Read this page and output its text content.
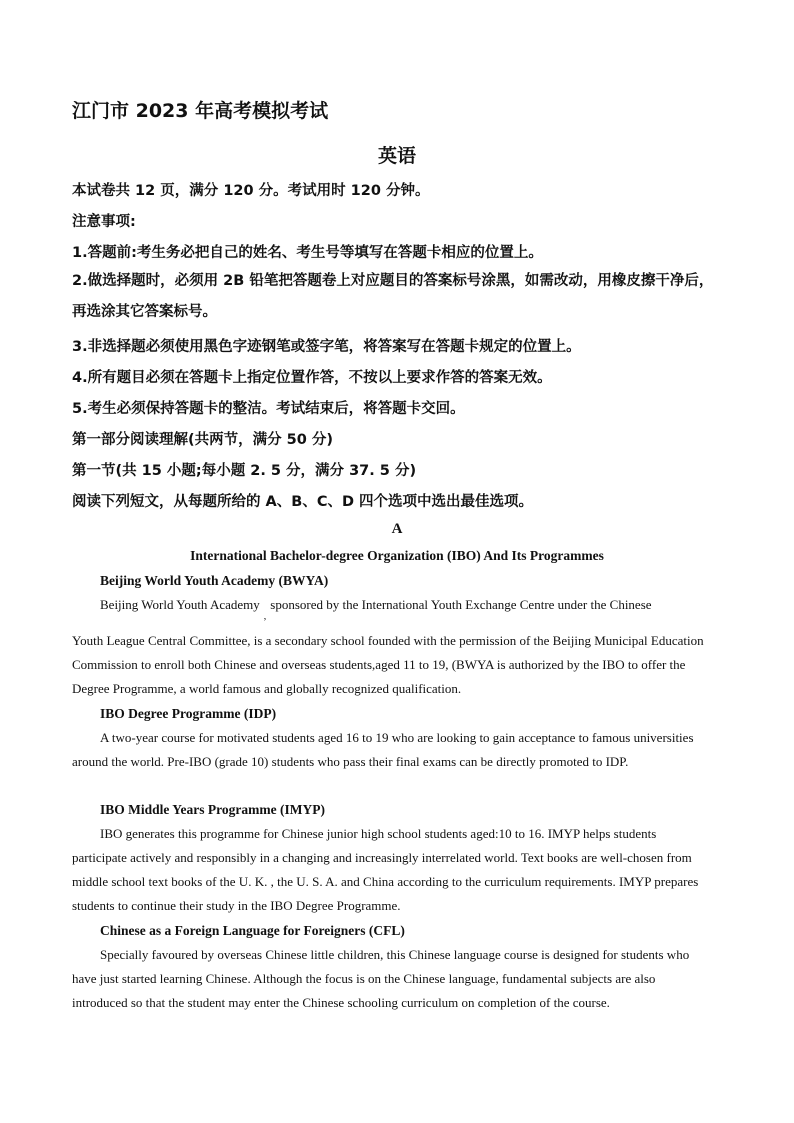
江门市 2023 年高考模拟考试
英语

本试卷共 12 页，满分 120 分。考试用时 120 分钟。

注意事项:

1.答题前:考生务必把自己的姓名、考生号等填写在答题卡相应的位置上。

2.做选择题时，必须用 2B 铅笔把答题卷上对应题目的答案标号涂黑，如需改动，用橡皮擦干净后，再选涂其它答案标号。

3.非选择题必须使用黑色字迹钢笔或签字笔，将答案写在答题卡规定的位置上。

4.所有题目必须在答题卡上指定位置作答，不按以上要求作答的答案无效。

5.考生必须保持答题卡的整洁。考试结束后，将答题卡交回。

第一部分阅读理解(共两节，满分 50 分)

第一节(共 15 小题;每小题 2. 5 分，满分 37. 5 分)

阅读下列短文，从每题所给的 A、B、C、D 四个选项中选出最佳选项。

A

International Bachelor-degree Organization (IBO) And Its Programmes

Beijing World Youth Academy (BWYA)

Beijing World Youth Academy$_,$sponsored by the International Youth Exchange Centre under the Chinese

Youth League Central Committee, is a secondary school founded with the permission of the Beijing Municipal Education Commission to enroll both Chinese and overseas students,aged 11 to 19, (BWYA is authorized by the IBO to offer the Degree Programme, a world famous and globally recognized qualification.

IBO Degree Programme (IDP)

A two-year course for motivated students aged 16 to 19 who are looking to gain acceptance to famous universities around the world. Pre-IBO (grade 10) students who pass their final exams can be directly promoted to IDP.

IBO Middle Years Programme (IMYP)

IBO generates this programme for Chinese junior high school students aged:10 to 16. IMYP helps students participate actively and responsibly in a changing and increasingly interrelated world. Text books are well-chosen from middle school text books of the U. K. , the U. S. A. and China according to the curriculum requirements. IMYP prepares students to continue their study in the IBO Degree Programme.

Chinese as a Foreign Language for Foreigners (CFL)

Specially favoured by overseas Chinese little children, this Chinese language course is designed for students who have just started learning Chinese. Although the focus is on the Chinese language, fundamental subjects are also introduced so that the student may enter the Chinese schooling curriculum on completion of the course.
